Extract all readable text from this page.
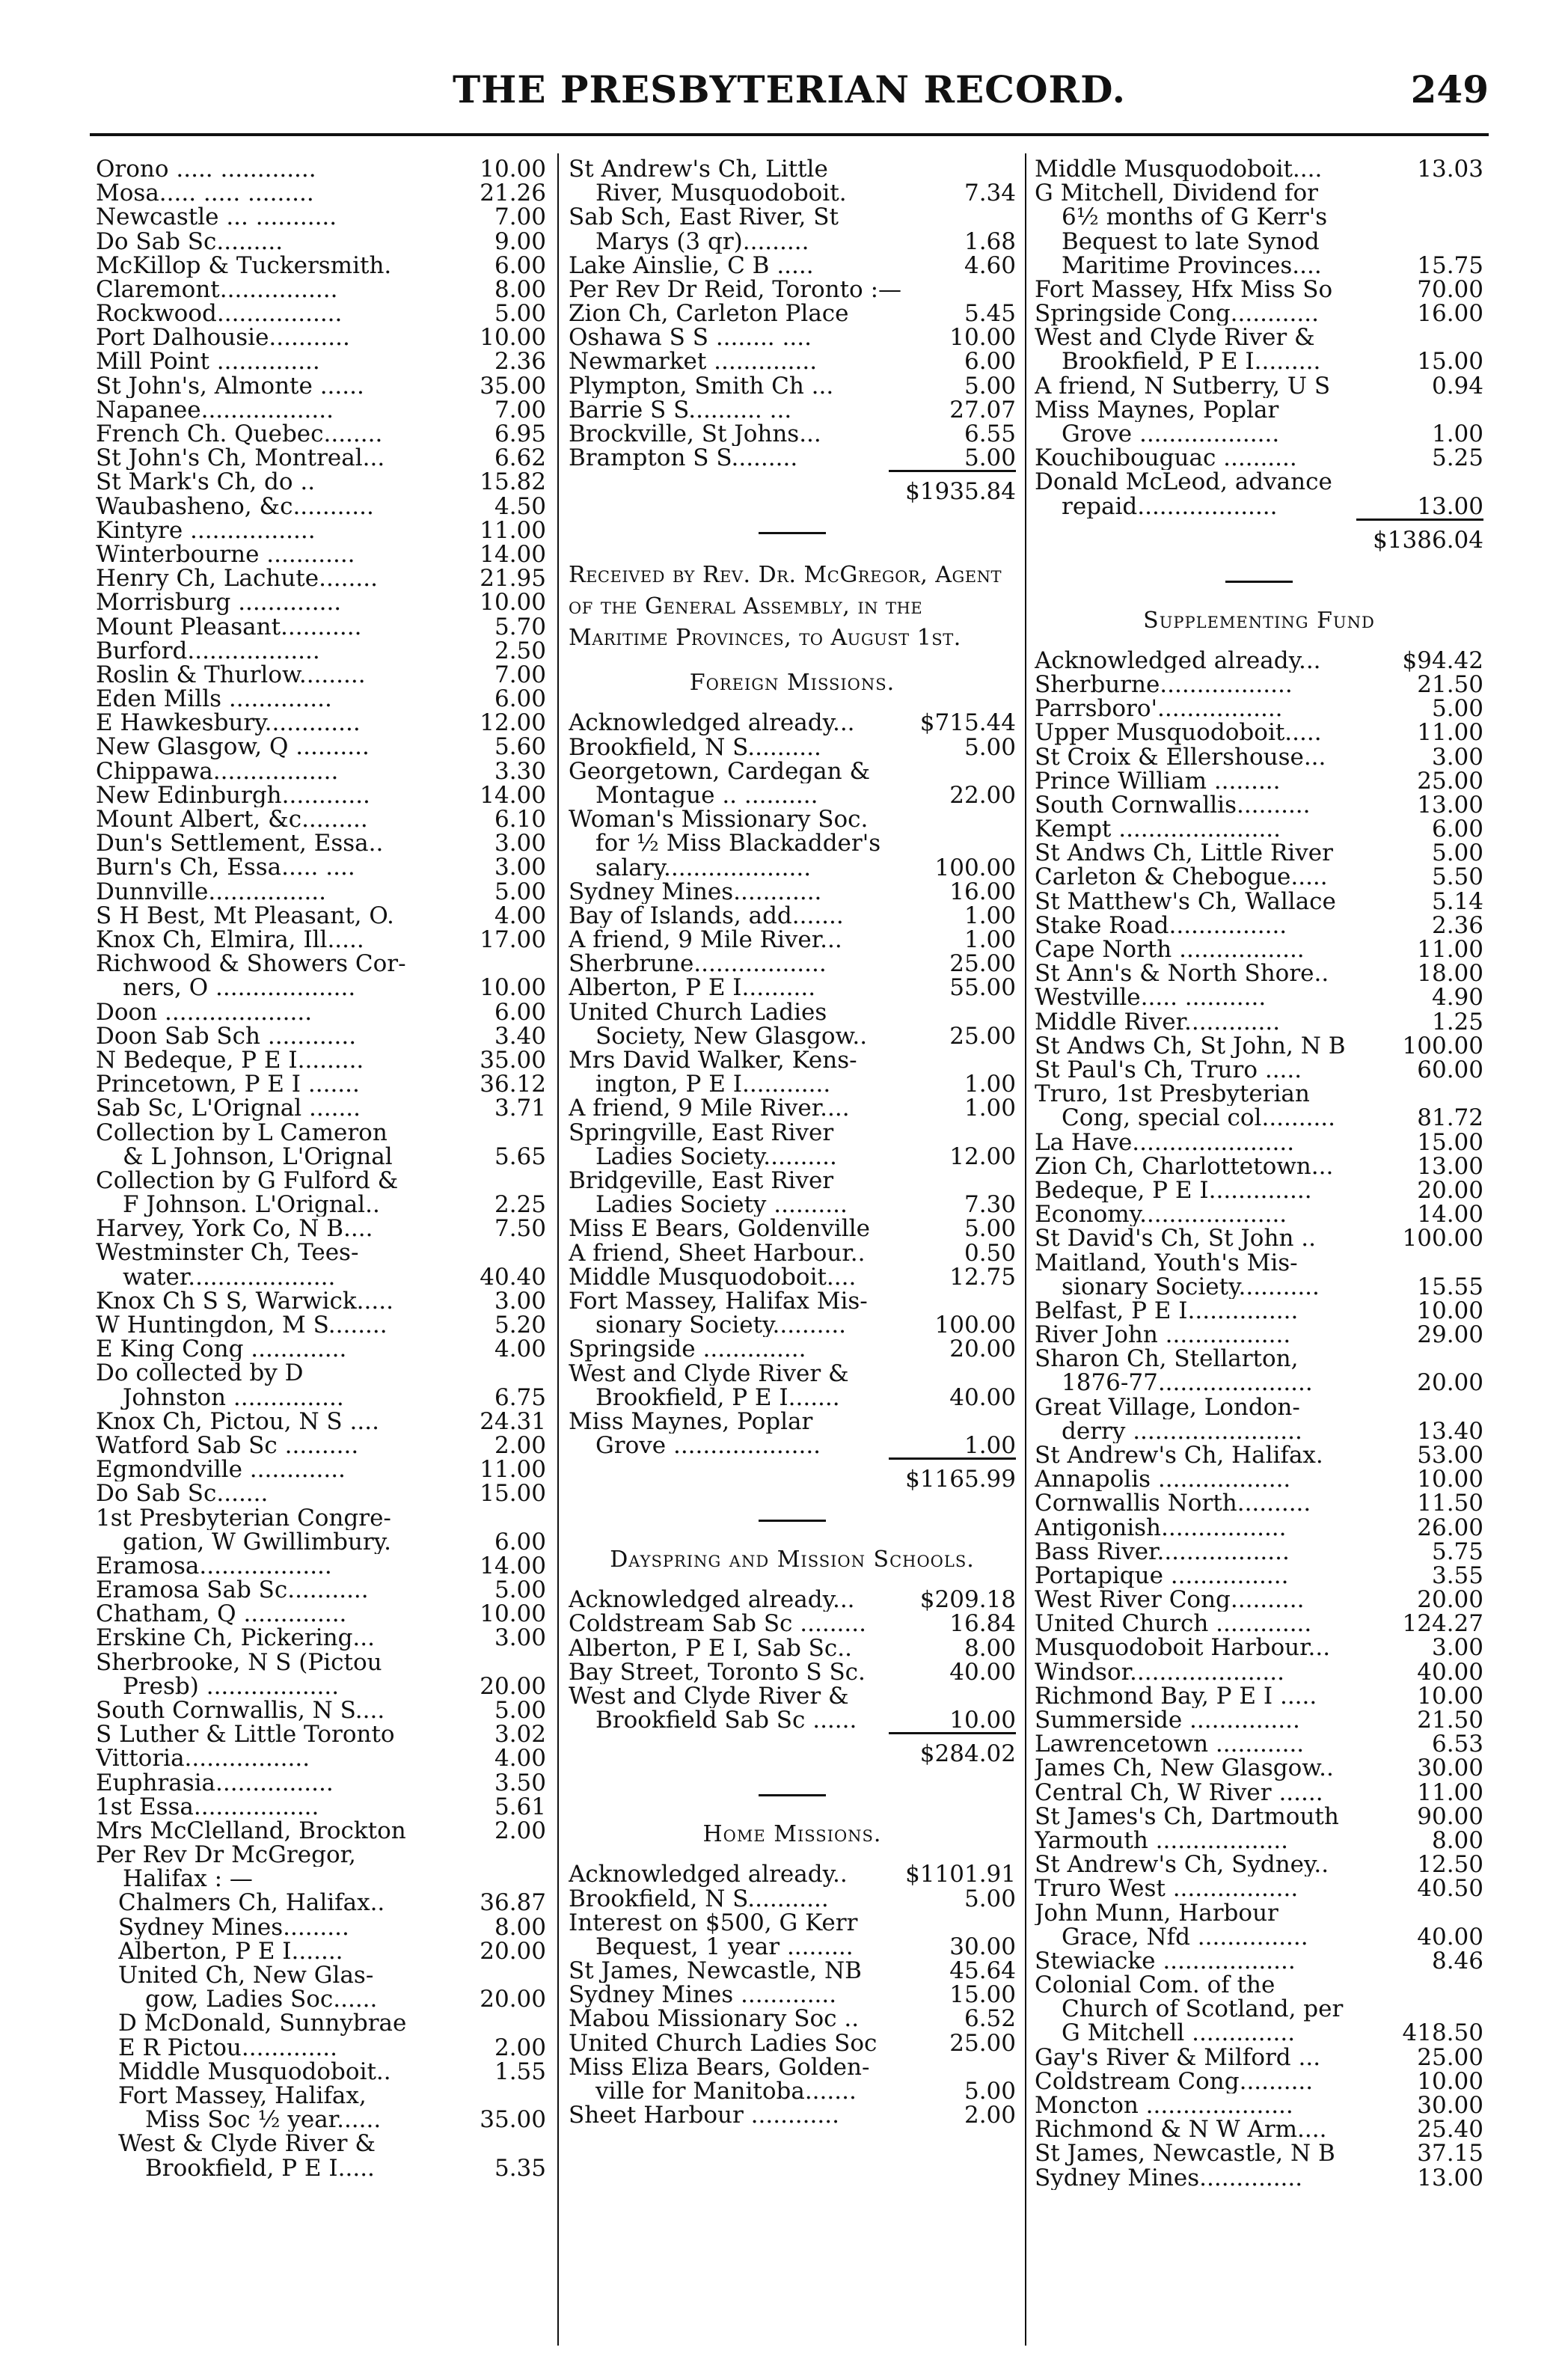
THE PRESBYTERIAN RECORD.	249
Orono ..... .............	10.00
Mosa..... ..... .........	21.26
Newcastle ... ...........	7.00
Do Sab Sc.........	9.00
McKillop & Tuckersmith.	6.00
Claremont................	8.00
Rockwood.................	5.00
Port Dalhousie...........	10.00
Mill Point ..............	2.36
St John's, Almonte ......	35.00
Napanee..................	7.00
French Ch. Quebec........	6.95
St John's Ch, Montreal...	6.62
St Mark's Ch, do ..	15.82
Waubasheno, &c...........	4.50
Kintyre .................	11.00
Winterbourne ............	14.00
Henry Ch, Lachute........	21.95
Morrisburg ..............	10.00
Mount Pleasant...........	5.70
Burford..................	2.50
Roslin & Thurlow.........	7.00
Eden Mills ..............	6.00
E Hawkesbury.............	12.00
New Glasgow, Q ..........	5.60
Chippawa.................	3.30
New Edinburgh............	14.00
Mount Albert, &c.........	6.10
Dun's Settlement, Essa..	3.00
Burn's Ch, Essa..... ....	3.00
Dunnville................	5.00
S H Best, Mt Pleasant, O.	4.00
Knox Ch, Elmira, Ill.....	17.00
Richwood & Showers Cor-
ners, O ...................	10.00
Doon ....................	6.00
Doon Sab Sch ............	3.40
N Bedeque, P E I.........	35.00
Princetown, P E I .......	36.12
Sab Sc, L'Orignal .......	3.71
Collection by L Cameron
& L Johnson, L'Orignal	5.65
Collection by G Fulford &
F Johnson. L'Orignal..	2.25
Harvey, York Co, N B....	7.50
Westminster Ch, Tees-
water....................	40.40
Knox Ch S S, Warwick.....	3.00
W Huntingdon, M S........	5.20
E King Cong .............	4.00
Do collected by D
Johnston ...............	6.75
Knox Ch, Pictou, N S ....	24.31
Watford Sab Sc ..........	2.00
Egmondville .............	11.00
Do Sab Sc.......	15.00
1st Presbyterian Congre-
gation, W Gwillimbury.	6.00
Eramosa..................	14.00
Eramosa Sab Sc...........	5.00
Chatham, Q ..............	10.00
Erskine Ch, Pickering...	3.00
Sherbrooke, N S (Pictou
Presb) ..................	20.00
South Cornwallis, N S....	5.00
S Luther & Little Toronto	3.02
Vittoria.................	4.00
Euphrasia................	3.50
1st Essa.................	5.61
Mrs McClelland, Brockton	2.00
Per Rev Dr McGregor,
Halifax : —
Chalmers Ch, Halifax..	36.87
Sydney Mines.........	8.00
Alberton, P E I.......	20.00
United Ch, New Glas-
gow, Ladies Soc......	20.00
D McDonald, Sunnybrae
E R Pictou.............	2.00
Middle Musquodoboit..	1.55
Fort Massey, Halifax,
Miss Soc ½ year......	35.00
West & Clyde River &
Brookfield, P E I.....	5.35
St Andrew's Ch, Little
River, Musquodoboit.	7.34
Sab Sch, East River, St
Marys (3 qr).........	1.68
Lake Ainslie, C B .....	4.60
Per Rev Dr Reid, Toronto :—
Zion Ch, Carleton Place	5.45
Oshawa S S ........ ....	10.00
Newmarket ..............	6.00
Plympton, Smith Ch ...	5.00
Barrie S S.......... ...	27.07
Brockville, St Johns...	6.55
Brampton S S.........	5.00
$1935.84
Received by Rev. Dr. McGregor, Agent of the General Assembly, in the Maritime Provinces, to August 1st.
Foreign Missions.
Acknowledged already...	$715.44
Brookfield, N S..........	5.00
Georgetown, Cardegan &
Montague .. ..........	22.00
Woman's Missionary Soc.
for ½ Miss Blackadder's
salary....................	100.00
Sydney Mines............	16.00
Bay of Islands, add.......	1.00
A friend, 9 Mile River...	1.00
Sherbrune..................	25.00
Alberton, P E I..........	55.00
United Church Ladies
Society, New Glasgow..	25.00
Mrs David Walker, Kens-
ington, P E I............	1.00
A friend, 9 Mile River....	1.00
Springville, East River
Ladies Society..........	12.00
Bridgeville, East River
Ladies Society ..........	7.30
Miss E Bears, Goldenville	5.00
A friend, Sheet Harbour..	0.50
Middle Musquodoboit....	12.75
Fort Massey, Halifax Mis-
sionary Society..........	100.00
Springside ..............	20.00
West and Clyde River &
Brookfield, P E I.......	40.00
Miss Maynes, Poplar
Grove ....................	1.00
$1165.99
Dayspring and Mission Schools.
Acknowledged already...	$209.18
Coldstream Sab Sc .........	16.84
Alberton, P E I, Sab Sc..	8.00
Bay Street, Toronto S Sc.	40.00
West and Clyde River &
Brookfield Sab Sc ......	10.00
$284.02
Home Missions.
Acknowledged already..	$1101.91
Brookfield, N S...........	5.00
Interest on $500, G Kerr
Bequest, 1 year .........	30.00
St James, Newcastle, NB	45.64
Sydney Mines .............	15.00
Mabou Missionary Soc ..	6.52
United Church Ladies Soc	25.00
Miss Eliza Bears, Golden-
ville for Manitoba.......	5.00
Sheet Harbour ............	2.00
Middle Musquodoboit....	13.03
G Mitchell, Dividend for
6½ months of G Kerr's
Bequest to late Synod
Maritime Provinces....	15.75
Fort Massey, Hfx Miss So	70.00
Springside Cong............	16.00
West and Clyde River &
Brookfield, P E I.........	15.00
A friend, N Sutberry, U S	0.94
Miss Maynes, Poplar
Grove ...................	1.00
Kouchibouguac ..........	5.25
Donald McLeod, advance
repaid...................	13.00
$1386.04
Supplementing Fund
Acknowledged already...	$94.42
Sherburne..................	21.50
Parrsboro'.................	5.00
Upper Musquodoboit.....	11.00
St Croix & Ellershouse...	3.00
Prince William .........	25.00
South Cornwallis..........	13.00
Kempt ......................	6.00
St Andws Ch, Little River	5.00
Carleton & Chebogue.....	5.50
St Matthew's Ch, Wallace	5.14
Stake Road................	2.36
Cape North .................	11.00
St Ann's & North Shore..	18.00
Westville..... ...........	4.90
Middle River.............	1.25
St Andws Ch, St John, N B	100.00
St Paul's Ch, Truro .....	60.00
Truro, 1st Presbyterian
Cong, special col..........	81.72
La Have......................	15.00
Zion Ch, Charlottetown...	13.00
Bedeque, P E I..............	20.00
Economy....................	14.00
St David's Ch, St John ..	100.00
Maitland, Youth's Mis-
sionary Society...........	15.55
Belfast, P E I...............	10.00
River John .................	29.00
Sharon Ch, Stellarton,
1876-77.....................	20.00
Great Village, London-
derry .......................	13.40
St Andrew's Ch, Halifax.	53.00
Annapolis ..................	10.00
Cornwallis North..........	11.50
Antigonish.................	26.00
Bass River..................	5.75
Portapique ................	3.55
West River Cong..........	20.00
United Church .............	124.27
Musquodoboit Harbour...	3.00
Windsor.....................	40.00
Richmond Bay, P E I .....	10.00
Summerside ...............	21.50
Lawrencetown ............	6.53
James Ch, New Glasgow..	30.00
Central Ch, W River ......	11.00
St James's Ch, Dartmouth	90.00
Yarmouth ..................	8.00
St Andrew's Ch, Sydney..	12.50
Truro West .................	40.50
John Munn, Harbour
Grace, Nfd ...............	40.00
Stewiacke ..................	8.46
Colonial Com. of the
Church of Scotland, per
G Mitchell ..............	418.50
Gay's River & Milford ...	25.00
Coldstream Cong..........	10.00
Moncton ....................	30.00
Richmond & N W Arm....	25.40
St James, Newcastle, N B	37.15
Sydney Mines..............	13.00
